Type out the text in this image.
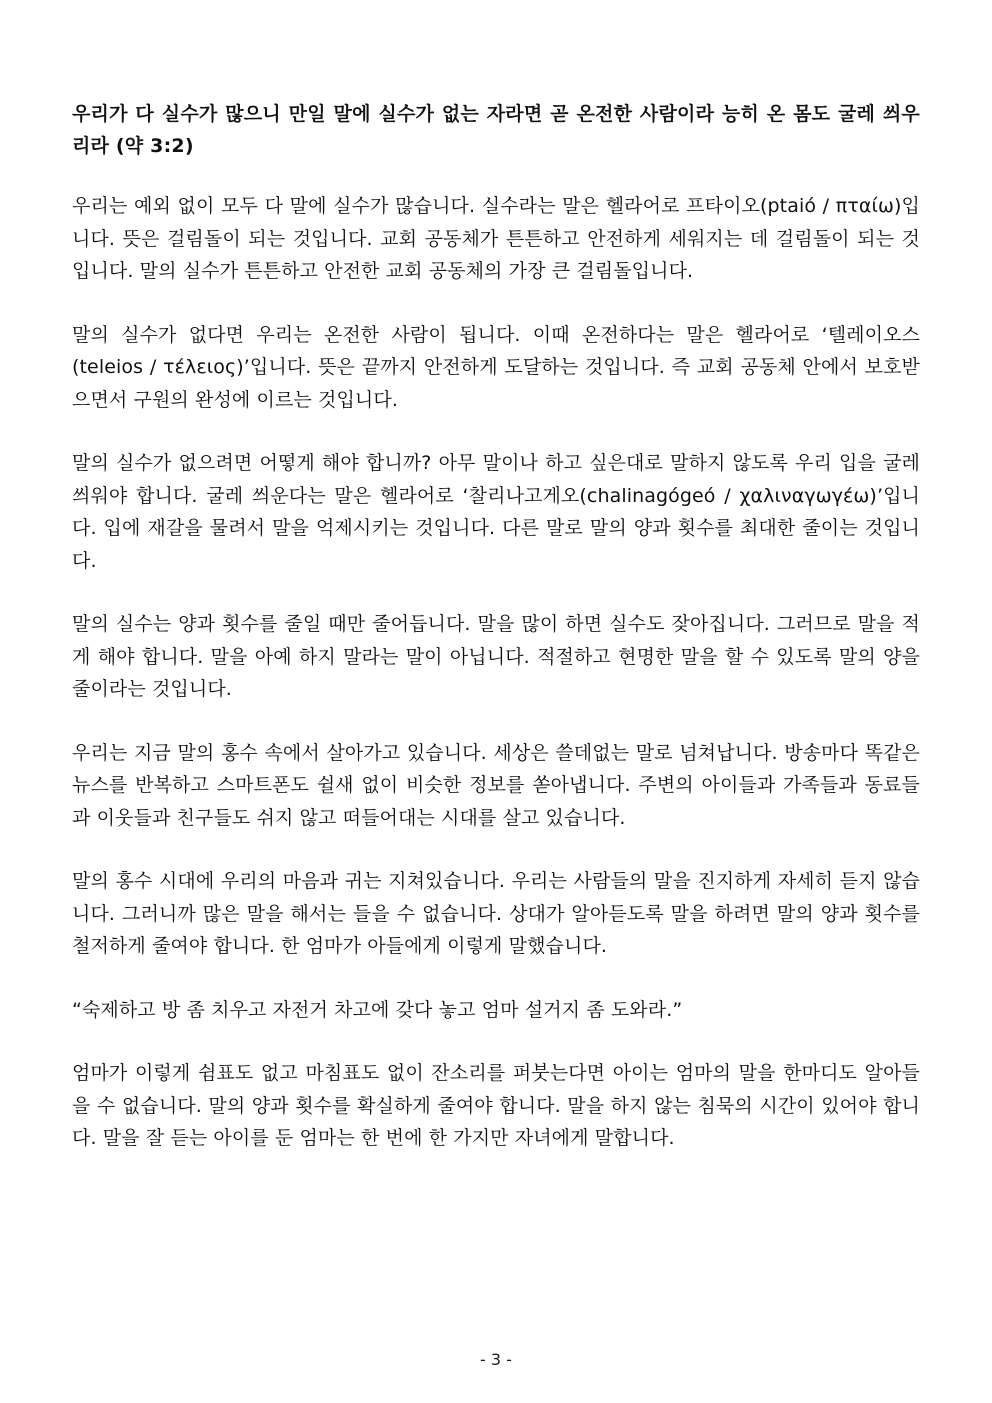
우리가 다 실수가 많으니 만일 말에 실수가 없는 자라면 곧 온전한 사람이라 능히 온 몸도 굴레 씌우리라 (약 3:2)

우리는 예외 없이 모두 다 말에 실수가 많습니다. 실수라는 말은 헬라어로 프타이오(ptaió / πταίω)입니다. 뜻은 걸림돌이 되는 것입니다. 교회 공동체가 튼튼하고 안전하게 세워지는 데 걸림돌이 되는 것입니다. 말의 실수가 튼튼하고 안전한 교회 공동체의 가장 큰 걸림돌입니다.

말의 실수가 없다면 우리는 온전한 사람이 됩니다. 이때 온전하다는 말은 헬라어로 ‘텔레이오스(teleios / τέλειος)’입니다. 뜻은 끝까지 안전하게 도달하는 것입니다. 즉 교회 공동체 안에서 보호받으면서 구원의 완성에 이르는 것입니다.

말의 실수가 없으려면 어떻게 해야 합니까? 아무 말이나 하고 싶은대로 말하지 않도록 우리 입을 굴레 씌워야 합니다. 굴레 씌운다는 말은 헬라어로 ‘찰리나고게오(chalinagógeó / χαλιναγωγέω)’입니다. 입에 재갈을 물려서 말을 억제시키는 것입니다. 다른 말로 말의 양과 횟수를 최대한 줄이는 것입니다.

말의 실수는 양과 횟수를 줄일 때만 줄어듭니다. 말을 많이 하면 실수도 잦아집니다. 그러므로 말을 적게 해야 합니다. 말을 아예 하지 말라는 말이 아닙니다. 적절하고 현명한 말을 할 수 있도록 말의 양을 줄이라는 것입니다.

우리는 지금 말의 홍수 속에서 살아가고 있습니다. 세상은 쓸데없는 말로 넘쳐납니다. 방송마다 똑같은 뉴스를 반복하고 스마트폰도 쉴새 없이 비슷한 정보를 쏟아냅니다. 주변의 아이들과 가족들과 동료들과 이웃들과 친구들도 쉬지 않고 떠들어대는 시대를 살고 있습니다.

말의 홍수 시대에 우리의 마음과 귀는 지쳐있습니다. 우리는 사람들의 말을 진지하게 자세히 듣지 않습니다. 그러니까 많은 말을 해서는 들을 수 없습니다. 상대가 알아듣도록 말을 하려면 말의 양과 횟수를 철저하게 줄여야 합니다. 한 엄마가 아들에게 이렇게 말했습니다.

“숙제하고 방 좀 치우고 자전거 차고에 갖다 놓고 엄마 설거지 좀 도와라.”

엄마가 이렇게 쉼표도 없고 마침표도 없이 잔소리를 퍼붓는다면 아이는 엄마의 말을 한마디도 알아들을 수 없습니다. 말의 양과 횟수를 확실하게 줄여야 합니다. 말을 하지 않는 침묵의 시간이 있어야 합니다. 말을 잘 듣는 아이를 둔 엄마는 한 번에 한 가지만 자녀에게 말합니다.

- 3 -
